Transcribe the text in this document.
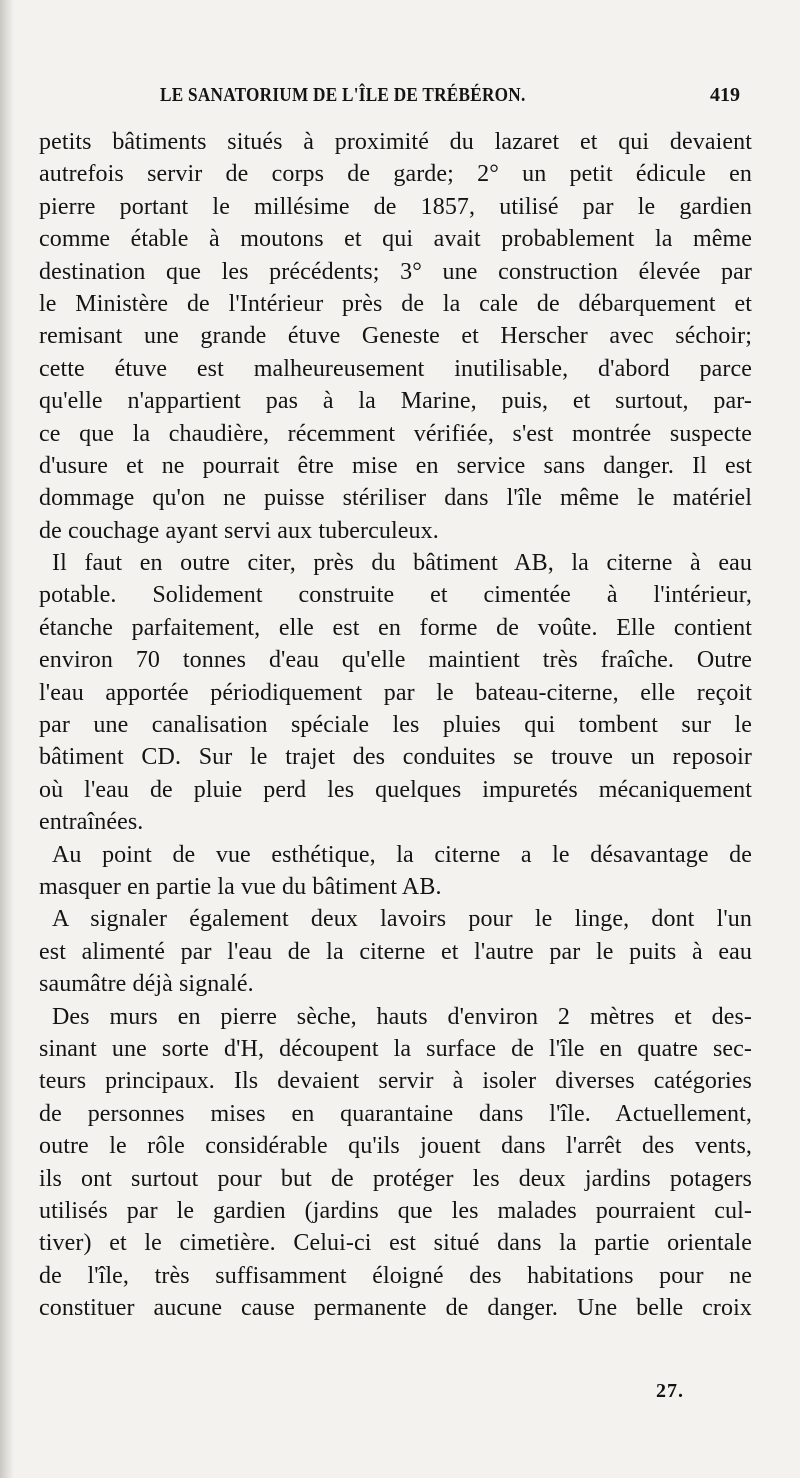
LE SANATORIUM DE L'ÎLE DE TRÉBÉRON.	419
petits bâtiments situés à proximité du lazaret et qui devaient
autrefois servir de corps de garde; 2° un petit édicule en
pierre portant le millésime de 1857, utilisé par le gardien
comme étable à moutons et qui avait probablement la même
destination que les précédents; 3° une construction élevée par
le Ministère de l'Intérieur près de la cale de débarquement et
remisant une grande étuve Geneste et Herscher avec séchoir;
cette étuve est malheureusement inutilisable, d'abord parce
qu'elle n'appartient pas à la Marine, puis, et surtout, par-
ce que la chaudière, récemment vérifiée, s'est montrée suspecte
d'usure et ne pourrait être mise en service sans danger. Il est
dommage qu'on ne puisse stériliser dans l'île même le matériel
de couchage ayant servi aux tuberculeux.
Il faut en outre citer, près du bâtiment AB, la citerne à eau
potable. Solidement construite et cimentée à l'intérieur,
étanche parfaitement, elle est en forme de voûte. Elle contient
environ 70 tonnes d'eau qu'elle maintient très fraîche. Outre
l'eau apportée périodiquement par le bateau-citerne, elle reçoit
par une canalisation spéciale les pluies qui tombent sur le
bâtiment CD. Sur le trajet des conduites se trouve un reposoir
où l'eau de pluie perd les quelques impuretés mécaniquement
entraînées.
Au point de vue esthétique, la citerne a le désavantage de
masquer en partie la vue du bâtiment AB.
A signaler également deux lavoirs pour le linge, dont l'un
est alimenté par l'eau de la citerne et l'autre par le puits à eau
saumâtre déjà signalé.
Des murs en pierre sèche, hauts d'environ 2 mètres et des-
sinant une sorte d'H, découpent la surface de l'île en quatre sec-
teurs principaux. Ils devaient servir à isoler diverses catégories
de personnes mises en quarantaine dans l'île. Actuellement,
outre le rôle considérable qu'ils jouent dans l'arrêt des vents,
ils ont surtout pour but de protéger les deux jardins potagers
utilisés par le gardien (jardins que les malades pourraient cul-
tiver) et le cimetière. Celui-ci est situé dans la partie orientale
de l'île, très suffisamment éloigné des habitations pour ne
constituer aucune cause permanente de danger. Une belle croix
27.
